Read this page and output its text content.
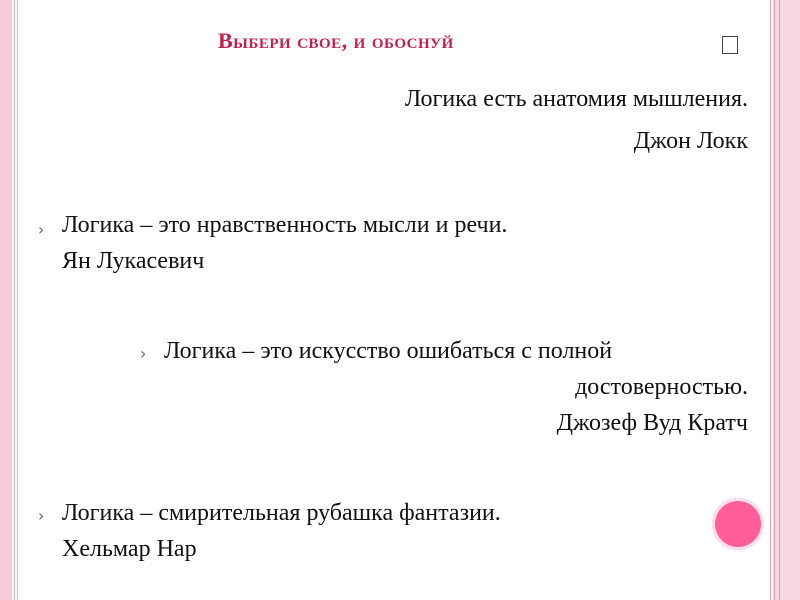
Выбери свое, и обоснуй
Логика есть анатомия мышления.
Джон Локк
› Логика – это нравственность мысли и речи.
Ян Лукасевич
› Логика – это искусство ошибаться с полной
достоверностью.
Джозеф Вуд Кратч
› Логика – смирительная рубашка фантазии.
Хельмар Нар
